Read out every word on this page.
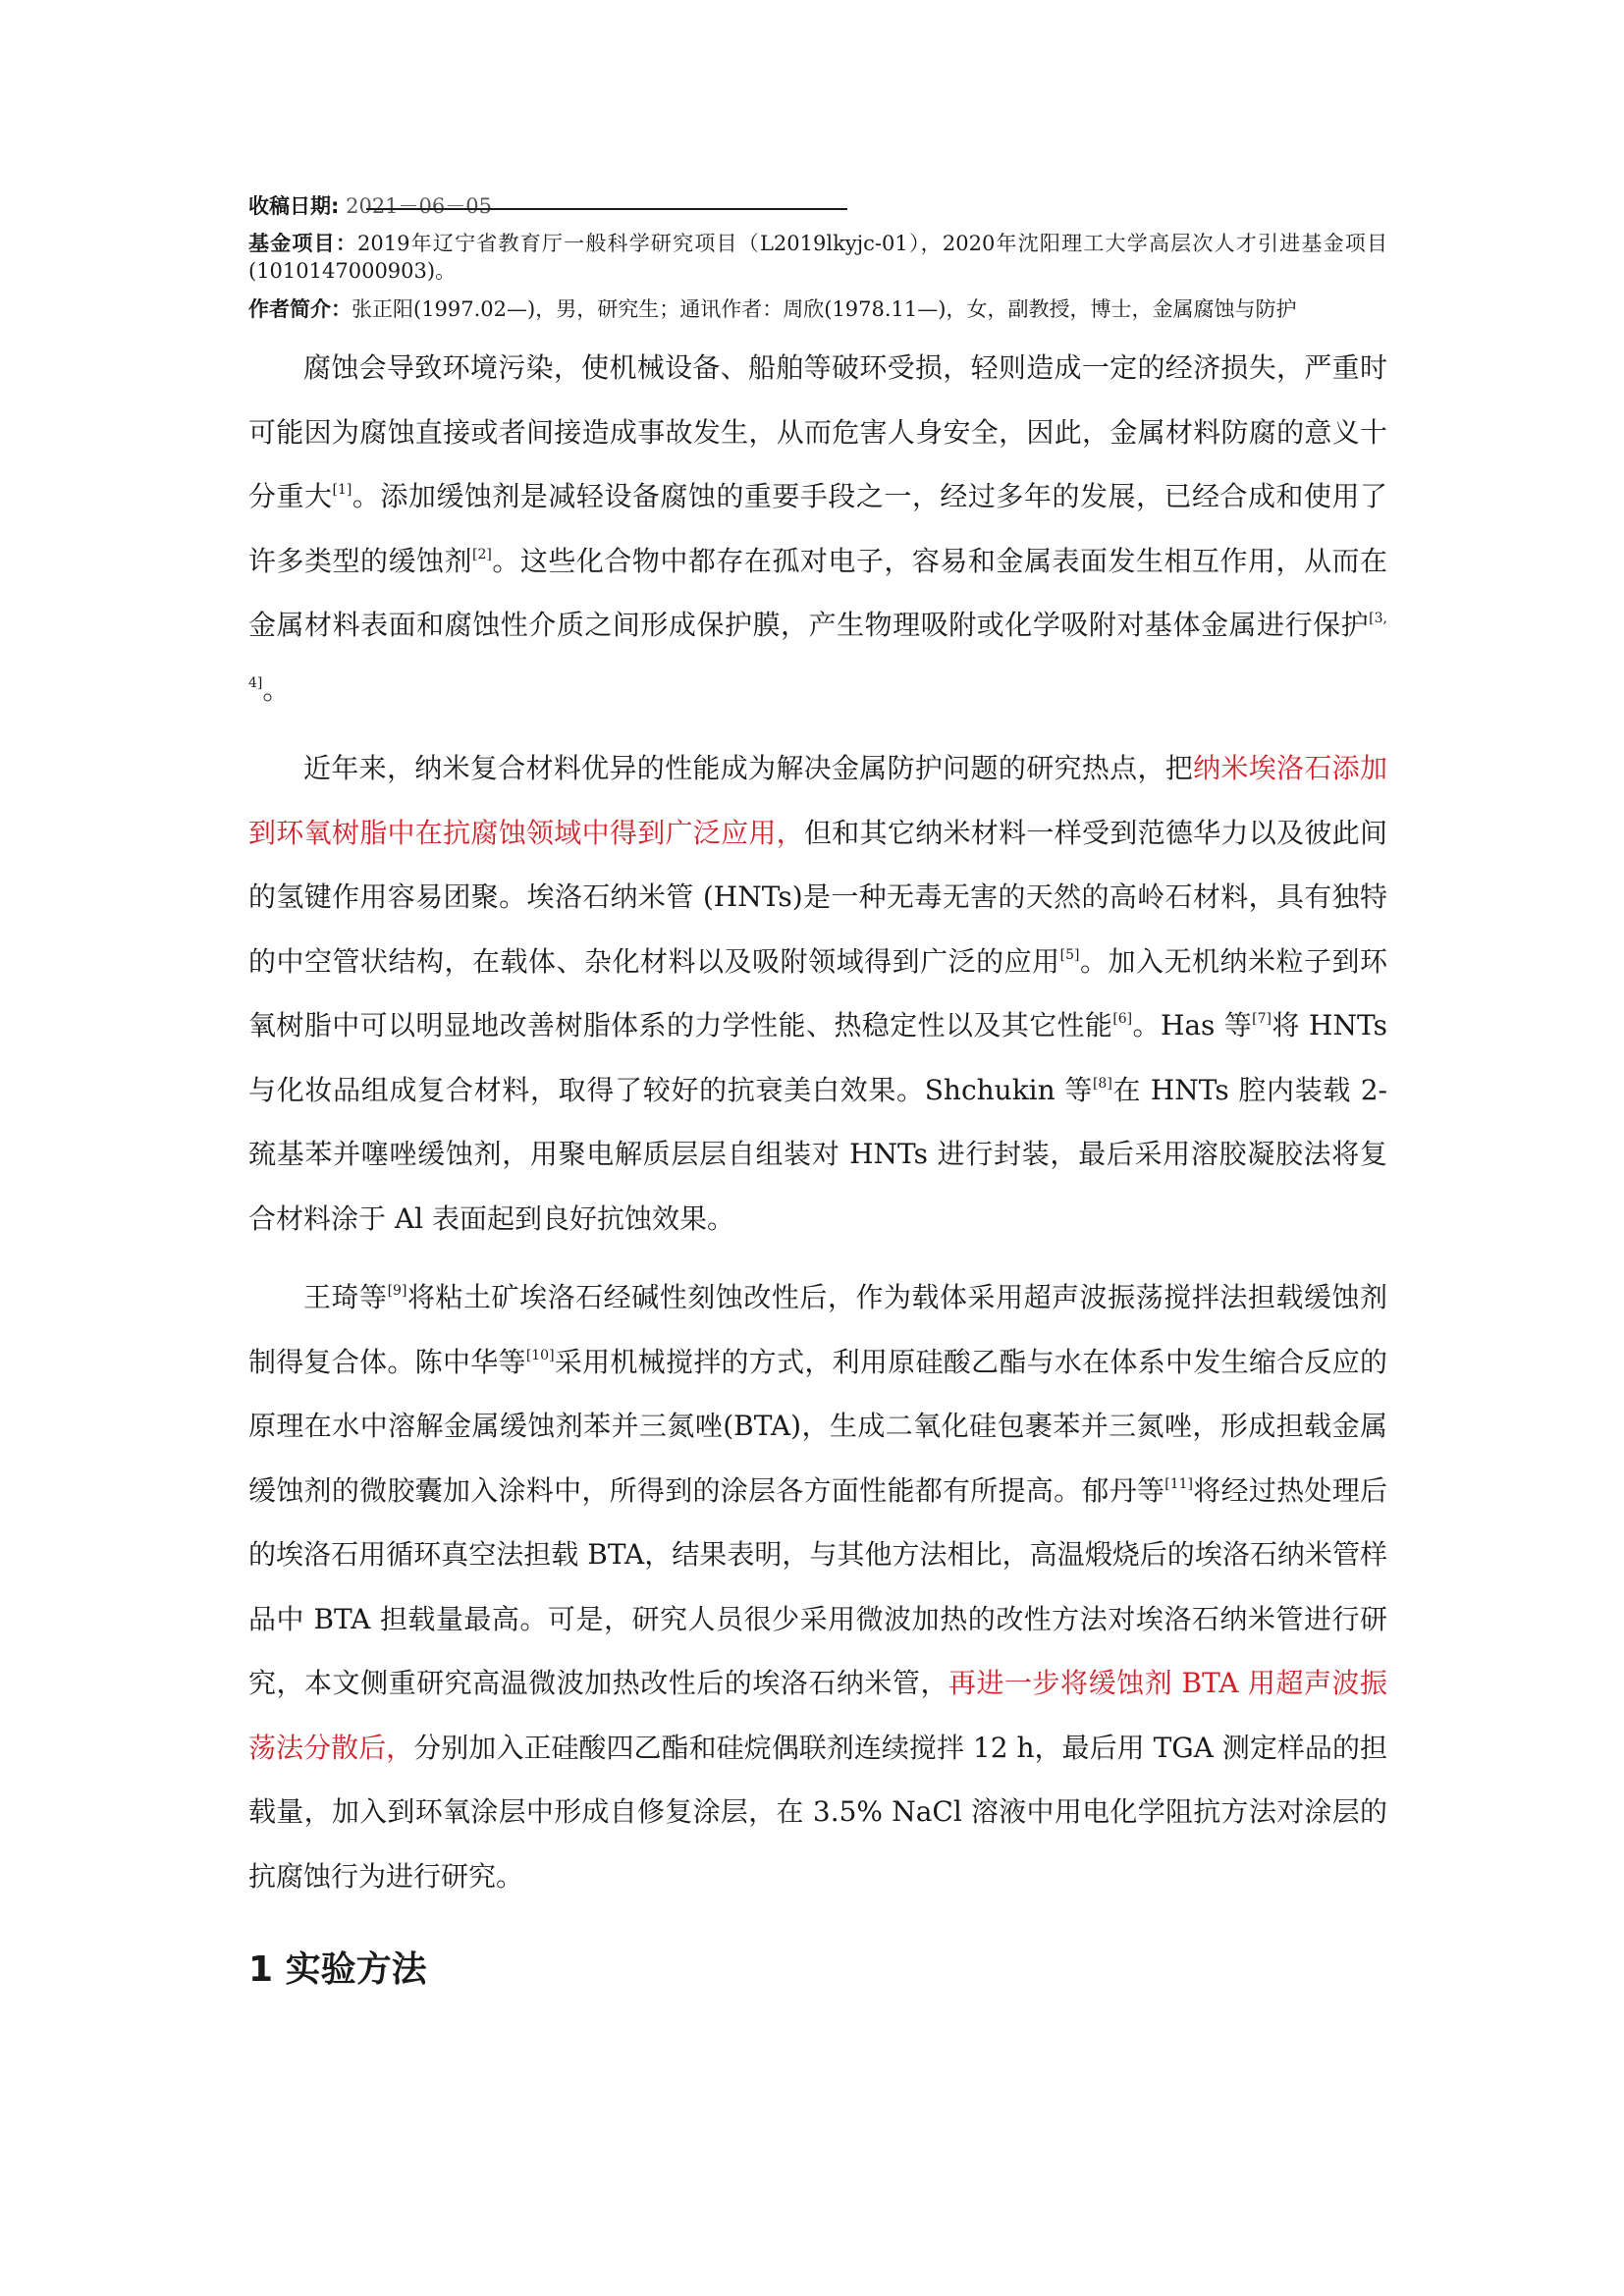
收稿日期: 2021－06－05

基金项目：2019年辽宁省教育厅一般科学研究项目（L2019lkyjc-01），2020年沈阳理工大学高层次人才引进基金项目(1010147000903)。

作者简介：张正阳(1997.02—)，男，研究生；通讯作者：周欣(1978.11—)，女，副教授，博士，金属腐蚀与防护

腐蚀会导致环境污染，使机械设备、船舶等破环受损，轻则造成一定的经济损失，严重时可能因为腐蚀直接或者间接造成事故发生，从而危害人身安全，因此，金属材料防腐的意义十分重大[1]。添加缓蚀剂是减轻设备腐蚀的重要手段之一，经过多年的发展，已经合成和使用了许多类型的缓蚀剂[2]。这些化合物中都存在孤对电子，容易和金属表面发生相互作用，从而在金属材料表面和腐蚀性介质之间形成保护膜，产生物理吸附或化学吸附对基体金属进行保护[3, 4]。

近年来，纳米复合材料优异的性能成为解决金属防护问题的研究热点，把纳米埃洛石添加到环氧树脂中在抗腐蚀领域中得到广泛应用，但和其它纳米材料一样受到范德华力以及彼此间的氢键作用容易团聚。埃洛石纳米管 (HNTs)是一种无毒无害的天然的高岭石材料，具有独特的中空管状结构，在载体、杂化材料以及吸附领域得到广泛的应用[5]。加入无机纳米粒子到环氧树脂中可以明显地改善树脂体系的力学性能、热稳定性以及其它性能[6]。Has 等[7]将 HNTs 与化妆品组成复合材料，取得了较好的抗衰美白效果。Shchukin 等[8]在 HNTs 腔内装载 2-巯基苯并噻唑缓蚀剂，用聚电解质层层自组装对 HNTs 进行封装，最后采用溶胶凝胶法将复合材料涂于 Al 表面起到良好抗蚀效果。

王琦等[9]将粘土矿埃洛石经碱性刻蚀改性后，作为载体采用超声波振荡搅拌法担载缓蚀剂制得复合体。陈中华等[10]采用机械搅拌的方式，利用原硅酸乙酯与水在体系中发生缩合反应的原理在水中溶解金属缓蚀剂苯并三氮唑(BTA)，生成二氧化硅包裹苯并三氮唑，形成担载金属缓蚀剂的微胶囊加入涂料中，所得到的涂层各方面性能都有所提高。郁丹等[11]将经过热处理后的埃洛石用循环真空法担载 BTA，结果表明，与其他方法相比，高温煅烧后的埃洛石纳米管样品中 BTA 担载量最高。可是，研究人员很少采用微波加热的改性方法对埃洛石纳米管进行研究，本文侧重研究高温微波加热改性后的埃洛石纳米管，再进一步将缓蚀剂 BTA 用超声波振荡法分散后，分别加入正硅酸四乙酯和硅烷偶联剂连续搅拌 12 h，最后用 TGA 测定样品的担载量，加入到环氧涂层中形成自修复涂层，在 3.5% NaCl 溶液中用电化学阻抗方法对涂层的抗腐蚀行为进行研究。

1 实验方法
